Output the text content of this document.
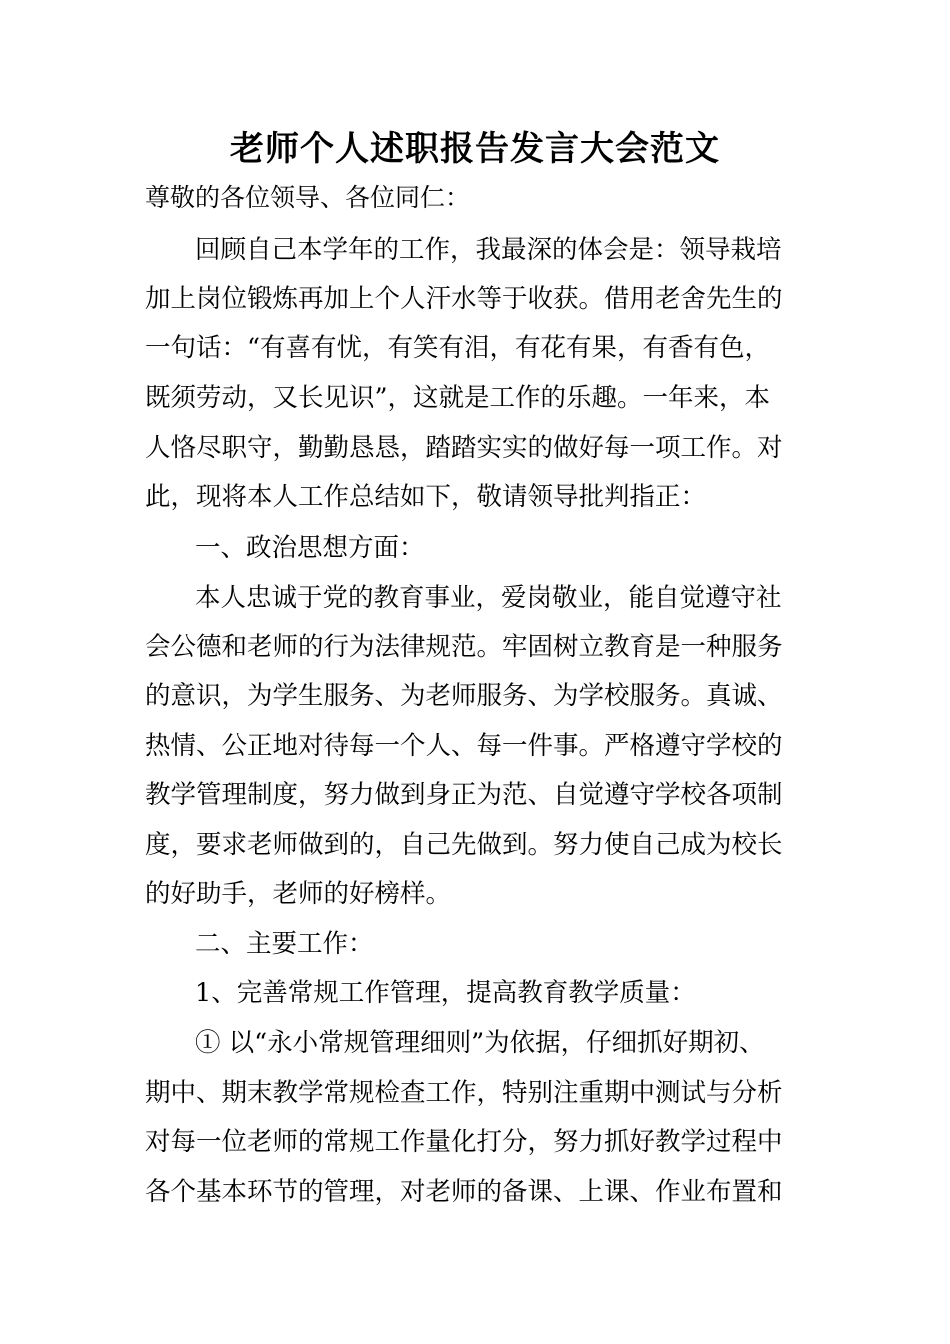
老师个人述职报告发言大会范文
尊敬的各位领导、各位同仁：
回顾自己本学年的工作，我最深的体会是：领导栽培
加上岗位锻炼再加上个人汗水等于收获。借用老舍先生的
一句话：“有喜有忧，有笑有泪，有花有果，有香有色，
既须劳动，又长见识”，这就是工作的乐趣。一年来，本
人恪尽职守，勤勤恳恳，踏踏实实的做好每一项工作。对
此，现将本人工作总结如下，敬请领导批判指正：
一、政治思想方面：
本人忠诚于党的教育事业，爱岗敬业，能自觉遵守社
会公德和老师的行为法律规范。牢固树立教育是一种服务
的意识，为学生服务、为老师服务、为学校服务。真诚、
热情、公正地对待每一个人、每一件事。严格遵守学校的
教学管理制度，努力做到身正为范、自觉遵守学校各项制
度，要求老师做到的，自己先做到。努力使自己成为校长
的好助手，老师的好榜样。
二、主要工作：
1、完善常规工作管理，提高教育教学质量：
① 以“永小常规管理细则”为依据，仔细抓好期初、
期中、期末教学常规检查工作，特别注重期中测试与分析
对每一位老师的常规工作量化打分，努力抓好教学过程中
各个基本环节的管理，对老师的备课、上课、作业布置和
